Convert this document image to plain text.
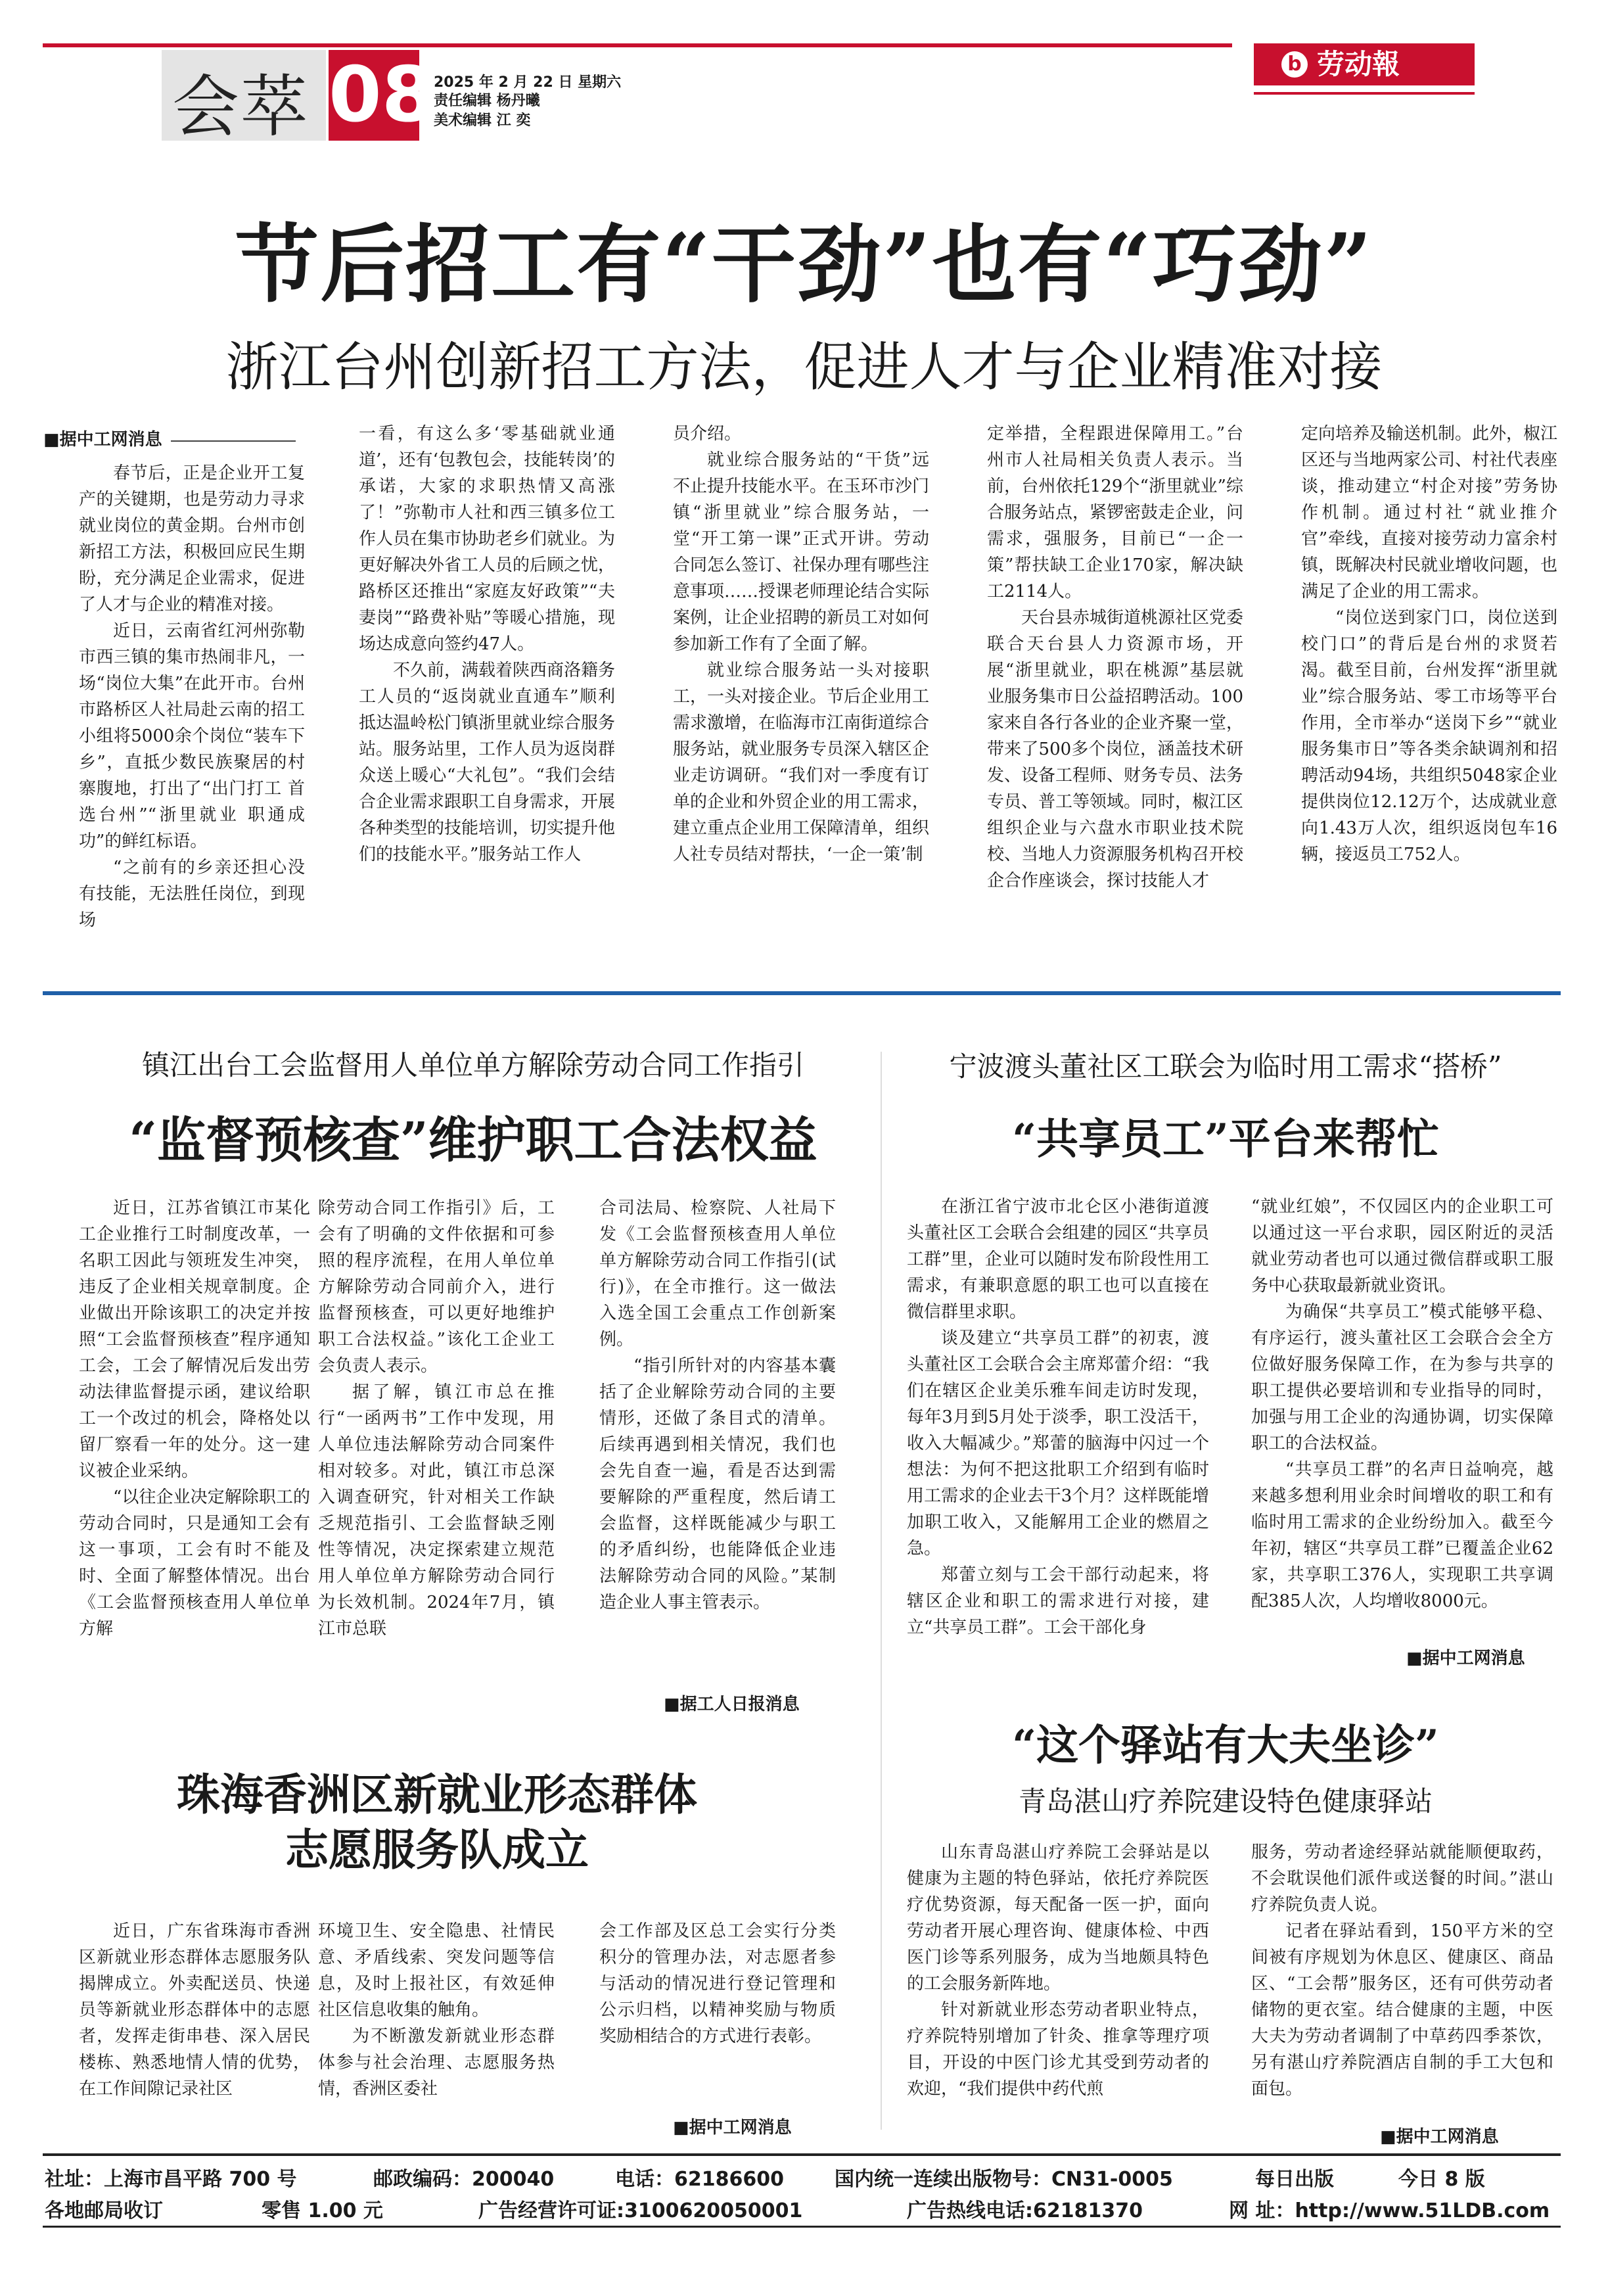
会萃 08
2025 年 2 月 22 日 星期六
责任编辑 杨丹曦
美术编辑 江 奕
b 劳动報
节后招工有“干劲”也有“巧劲”
浙江台州创新招工方法，促进人才与企业精准对接
■据中工网消息

春节后，正是企业开工复产的关键期，也是劳动力寻求就业岗位的黄金期。台州市创新招工方法，积极回应民生期盼，充分满足企业需求，促进了人才与企业的精准对接。

近日，云南省红河州弥勒市西三镇的集市热闹非凡，一场“岗位大集”在此开市。台州市路桥区人社局赴云南的招工小组将5000余个岗位“装车下乡”，直抵少数民族聚居的村寨腹地，打出了“出门打工 首选台州”“浙里就业 职通成功”的鲜红标语。

“之前有的乡亲还担心没有技能，无法胜任岗位，到现场

一看，有这么多‘零基础就业通道’，还有‘包教包会，技能转岗’的承诺，大家的求职热情又高涨了！”弥勒市人社和西三镇多位工作人员在集市协助老乡们就业。为更好解决外省工人员的后顾之忧，路桥区还推出“家庭友好政策”“夫妻岗”“路费补贴”等暖心措施，现场达成意向签约47人。

不久前，满载着陕西商洛籍务工人员的“返岗就业直通车”顺利抵达温岭松门镇浙里就业综合服务站。服务站里，工作人员为返岗群众送上暖心“大礼包”。“我们会结合企业需求跟职工自身需求，开展各种类型的技能培训，切实提升他们的技能水平。”服务站工作人

员介绍。

就业综合服务站的“干货”远不止提升技能水平。在玉环市沙门镇“浙里就业”综合服务站，一堂“开工第一课”正式开讲。劳动合同怎么签订、社保办理有哪些注意事项……授课老师理论结合实际案例，让企业招聘的新员工对如何参加新工作有了全面了解。

就业综合服务站一头对接职工，一头对接企业。节后企业用工需求激增，在临海市江南街道综合服务站，就业服务专员深入辖区企业走访调研。“我们对一季度有订单的企业和外贸企业的用工需求，建立重点企业用工保障清单，组织人社专员结对帮扶，‘一企一策’制

定举措，全程跟进保障用工。”台州市人社局相关负责人表示。当前，台州依托129个“浙里就业”综合服务站点，紧锣密鼓走企业，问需求，强服务，目前已“一企一策”帮扶缺工企业170家，解决缺工2114人。

天台县赤城街道桃源社区党委联合天台县人力资源市场，开展“浙里就业，职在桃源”基层就业服务集市日公益招聘活动。100家来自各行各业的企业齐聚一堂，带来了500多个岗位，涵盖技术研发、设备工程师、财务专员、法务专员、普工等领域。同时，椒江区组织企业与六盘水市职业技术院校、当地人力资源服务机构召开校企合作座谈会，探讨技能人才

定向培养及输送机制。此外，椒江区还与当地两家公司、村社代表座谈，推动建立“村企对接”劳务协作机制。通过村社“就业推介官”牵线，直接对接劳动力富余村镇，既解决村民就业增收问题，也满足了企业的用工需求。

“岗位送到家门口，岗位送到校门口”的背后是台州的求贤若渴。截至目前，台州发挥“浙里就业”综合服务站、零工市场等平台作用，全市举办“送岗下乡”“就业服务集市日”等各类余缺调剂和招聘活动94场，共组织5048家企业提供岗位12.12万个，达成就业意向1.43万人次，组织返岗包车16辆，接返员工752人。

镇江出台工会监督用人单位单方解除劳动合同工作指引
“监督预核查”维护职工合法权益

近日，江苏省镇江市某化工企业推行工时制度改革，一名职工因此与领班发生冲突，违反了企业相关规章制度。企业做出开除该职工的决定并按照“工会监督预核查”程序通知工会，工会了解情况后发出劳动法律监督提示函，建议给职工一个改过的机会，降格处以留厂察看一年的处分。这一建议被企业采纳。

“以往企业决定解除职工的劳动合同时，只是通知工会有这一事项，工会有时不能及时、全面了解整体情况。出台《工会监督预核查用人单位单方解

除劳动合同工作指引》后，工会有了明确的文件依据和可参照的程序流程，在用人单位单方解除劳动合同前介入，进行监督预核查，可以更好地维护职工合法权益。”该化工企业工会负责人表示。

据了解，镇江市总在推行“一函两书”工作中发现，用人单位违法解除劳动合同案件相对较多。对此，镇江市总深入调查研究，针对相关工作缺乏规范指引、工会监督缺乏刚性等情况，决定探索建立规范用人单位单方解除劳动合同行为长效机制。2024年7月，镇江市总联

合司法局、检察院、人社局下发《工会监督预核查用人单位单方解除劳动合同工作指引(试行)》，在全市推行。这一做法入选全国工会重点工作创新案例。

“指引所针对的内容基本囊括了企业解除劳动合同的主要情形，还做了条目式的清单。后续再遇到相关情况，我们也会先自查一遍，看是否达到需要解除的严重程度，然后请工会监督，这样既能减少与职工的矛盾纠纷，也能降低企业违法解除劳动合同的风险。”某制造企业人事主管表示。

■据工人日报消息
珠海香洲区新就业形态群体
志愿服务队成立

近日，广东省珠海市香洲区新就业形态群体志愿服务队揭牌成立。外卖配送员、快递员等新就业形态群体中的志愿者，发挥走街串巷、深入居民楼栋、熟悉地情人情的优势，在工作间隙记录社区

环境卫生、安全隐患、社情民意、矛盾线索、突发问题等信息，及时上报社区，有效延伸社区信息收集的触角。

为不断激发新就业形态群体参与社会治理、志愿服务热情，香洲区委社

会工作部及区总工会实行分类积分的管理办法，对志愿者参与活动的情况进行登记管理和公示归档，以精神奖励与物质奖励相结合的方式进行表彰。

■据中工网消息
宁波渡头董社区工联会为临时用工需求“搭桥”
“共享员工”平台来帮忙

在浙江省宁波市北仑区小港街道渡头董社区工会联合会组建的园区“共享员工群”里，企业可以随时发布阶段性用工需求，有兼职意愿的职工也可以直接在微信群里求职。

谈及建立“共享员工群”的初衷，渡头董社区工会联合会主席郑蕾介绍：“我们在辖区企业美乐雅车间走访时发现，每年3月到5月处于淡季，职工没活干，收入大幅减少。”郑蕾的脑海中闪过一个想法：为何不把这批职工介绍到有临时用工需求的企业去干3个月？这样既能增加职工收入，又能解用工企业的燃眉之急。

郑蕾立刻与工会干部行动起来，将辖区企业和职工的需求进行对接，建立“共享员工群”。工会干部化身

“就业红娘”，不仅园区内的企业职工可以通过这一平台求职，园区附近的灵活就业劳动者也可以通过微信群或职工服务中心获取最新就业资讯。

为确保“共享员工”模式能够平稳、有序运行，渡头董社区工会联合会全方位做好服务保障工作，在为参与共享的职工提供必要培训和专业指导的同时，加强与用工企业的沟通协调，切实保障职工的合法权益。

“共享员工群”的名声日益响亮，越来越多想利用业余时间增收的职工和有临时用工需求的企业纷纷加入。截至今年初，辖区“共享员工群”已覆盖企业62家，共享职工376人，实现职工共享调配385人次，人均增收8000元。

■据中工网消息
“这个驿站有大夫坐诊”
青岛湛山疗养院建设特色健康驿站

山东青岛湛山疗养院工会驿站是以健康为主题的特色驿站，依托疗养院医疗优势资源，每天配备一医一护，面向劳动者开展心理咨询、健康体检、中西医门诊等系列服务，成为当地颇具特色的工会服务新阵地。

针对新就业形态劳动者职业特点，疗养院特别增加了针灸、推拿等理疗项目，开设的中医门诊尤其受到劳动者的欢迎，“我们提供中药代煎

服务，劳动者途经驿站就能顺便取药，不会耽误他们派件或送餐的时间。”湛山疗养院负责人说。

记者在驿站看到，150平方米的空间被有序规划为休息区、健康区、商品区、“工会帮”服务区，还有可供劳动者储物的更衣室。结合健康的主题，中医大夫为劳动者调制了中草药四季茶饮，另有湛山疗养院酒店自制的手工大包和面包。

■据中工网消息
社址：上海市昌平路 700 号	邮政编码：200040	电话：62186600	国内统一连续出版物号：CN31-0005	每日出版	今日 8 版
各地邮局收订	零售 1.00 元	广告经营许可证:3100620050001	广告热线电话:62181370	网 址：http://www.51LDB.com
